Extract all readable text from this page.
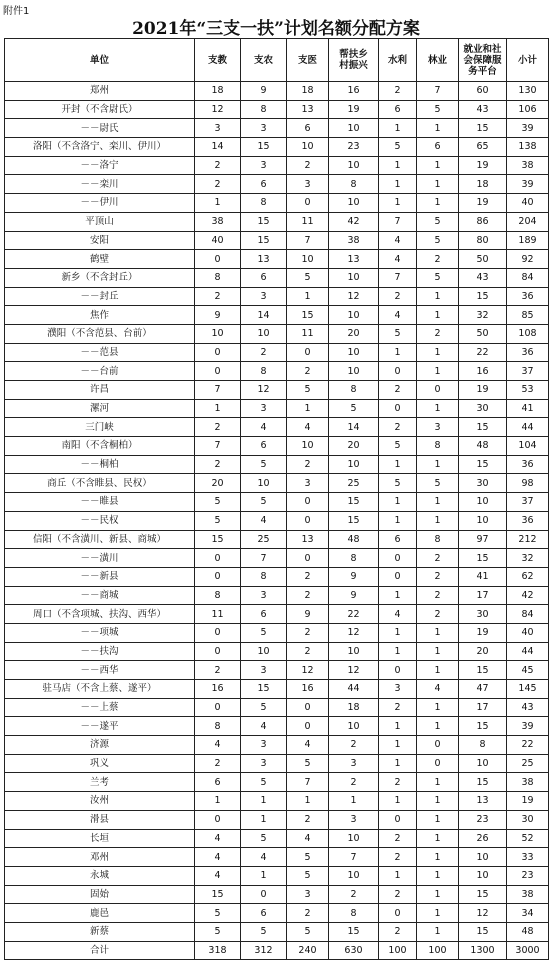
附件1
2021年“三支一扶”计划名额分配方案
单位	支教	支农	支医	帮扶乡村振兴	水利	林业	就业和社会保障服务平台	小计
郑州	18	9	18	16	2	7	60	130
开封（不含尉氏）	12	8	13	19	6	5	43	106
－－尉氏	3	3	6	10	1	1	15	39
洛阳（不含洛宁、栾川、伊川）	14	15	10	23	5	6	65	138
－－洛宁	2	3	2	10	1	1	19	38
－－栾川	2	6	3	8	1	1	18	39
－－伊川	1	8	0	10	1	1	19	40
平顶山	38	15	11	42	7	5	86	204
安阳	40	15	7	38	4	5	80	189
鹤壁	0	13	10	13	4	2	50	92
新乡（不含封丘）	8	6	5	10	7	5	43	84
－－封丘	2	3	1	12	2	1	15	36
焦作	9	14	15	10	4	1	32	85
濮阳（不含范县、台前）	10	10	11	20	5	2	50	108
－－范县	0	2	0	10	1	1	22	36
－－台前	0	8	2	10	0	1	16	37
许昌	7	12	5	8	2	0	19	53
漯河	1	3	1	5	0	1	30	41
三门峡	2	4	4	14	2	3	15	44
南阳（不含桐柏）	7	6	10	20	5	8	48	104
－－桐柏	2	5	2	10	1	1	15	36
商丘（不含睢县、民权）	20	10	3	25	5	5	30	98
－－睢县	5	5	0	15	1	1	10	37
－－民权	5	4	0	15	1	1	10	36
信阳（不含潢川、新县、商城）	15	25	13	48	6	8	97	212
－－潢川	0	7	0	8	0	2	15	32
－－新县	0	8	2	9	0	2	41	62
－－商城	8	3	2	9	1	2	17	42
周口（不含项城、扶沟、西华）	11	6	9	22	4	2	30	84
－－项城	0	5	2	12	1	1	19	40
－－扶沟	0	10	2	10	1	1	20	44
－－西华	2	3	12	12	0	1	15	45
驻马店（不含上蔡、遂平）	16	15	16	44	3	4	47	145
－－上蔡	0	5	0	18	2	1	17	43
－－遂平	8	4	0	10	1	1	15	39
济源	4	3	4	2	1	0	8	22
巩义	2	3	5	3	1	0	10	25
兰考	6	5	7	2	2	1	15	38
汝州	1	1	1	1	1	1	13	19
滑县	0	1	2	3	0	1	23	30
长垣	4	5	4	10	2	1	26	52
邓州	4	4	5	7	2	1	10	33
永城	4	1	5	10	1	1	10	23
固始	15	0	3	2	2	1	15	38
鹿邑	5	6	2	8	0	1	12	34
新蔡	5	5	5	15	2	1	15	48
合计	318	312	240	630	100	100	1300	3000
